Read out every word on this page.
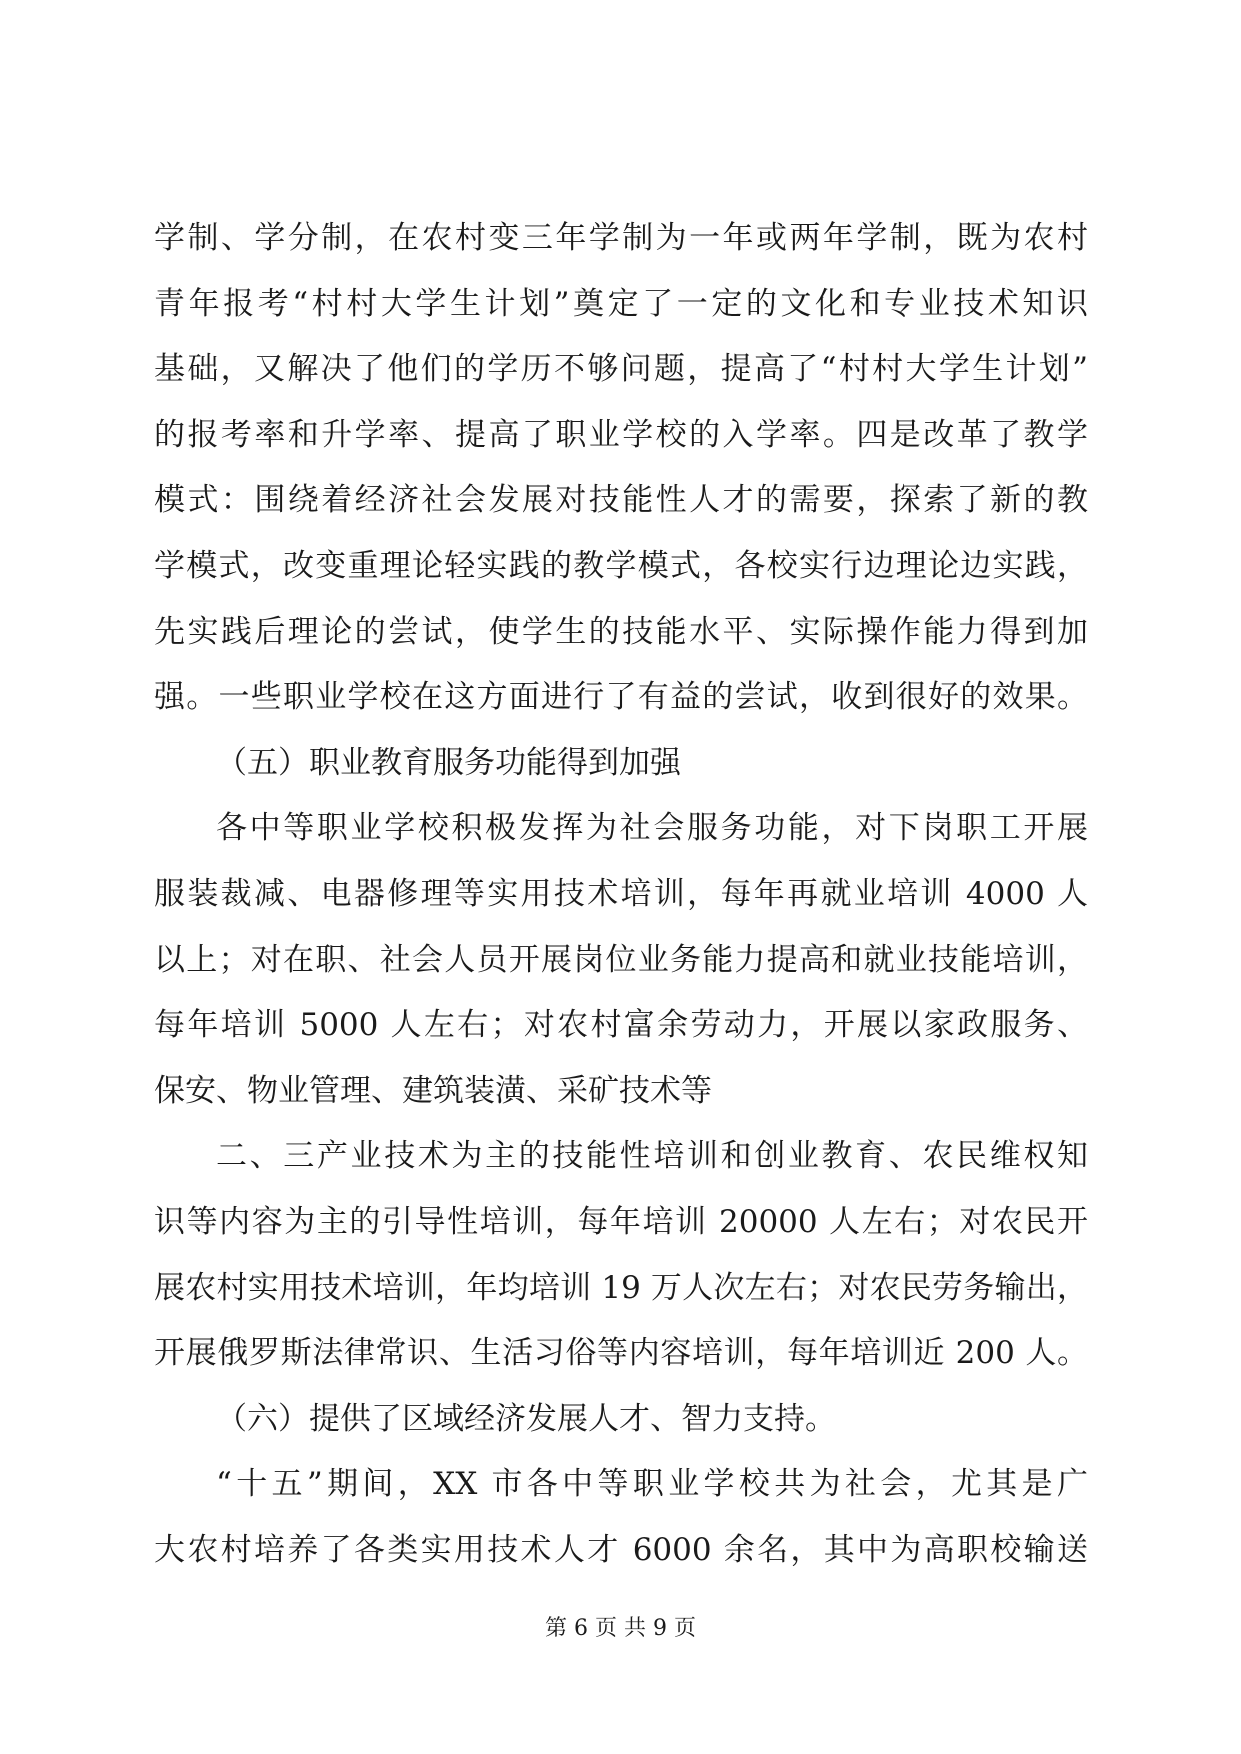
学制、学分制，在农村变三年学制为一年或两年学制，既为农村
青年报考“村村大学生计划”奠定了一定的文化和专业技术知识
基础，又解决了他们的学历不够问题，提高了“村村大学生计划”
的报考率和升学率、提高了职业学校的入学率。四是改革了教学
模式：围绕着经济社会发展对技能性人才的需要，探索了新的教
学模式，改变重理论轻实践的教学模式，各校实行边理论边实践，
先实践后理论的尝试，使学生的技能水平、实际操作能力得到加
强。一些职业学校在这方面进行了有益的尝试，收到很好的效果。
（五）职业教育服务功能得到加强
各中等职业学校积极发挥为社会服务功能，对下岗职工开展
服装裁减、电器修理等实用技术培训，每年再就业培训 4000 人
以上；对在职、社会人员开展岗位业务能力提高和就业技能培训，
每年培训 5000 人左右；对农村富余劳动力，开展以家政服务、
保安、物业管理、建筑装潢、采矿技术等
二、三产业技术为主的技能性培训和创业教育、农民维权知
识等内容为主的引导性培训，每年培训 20000 人左右；对农民开
展农村实用技术培训，年均培训 19 万人次左右；对农民劳务输出，
开展俄罗斯法律常识、生活习俗等内容培训，每年培训近 200 人。
（六）提供了区域经济发展人才、智力支持。
“十五”期间，XX 市各中等职业学校共为社会，尤其是广
大农村培养了各类实用技术人才 6000 余名，其中为高职校输送
第 6 页 共 9 页
